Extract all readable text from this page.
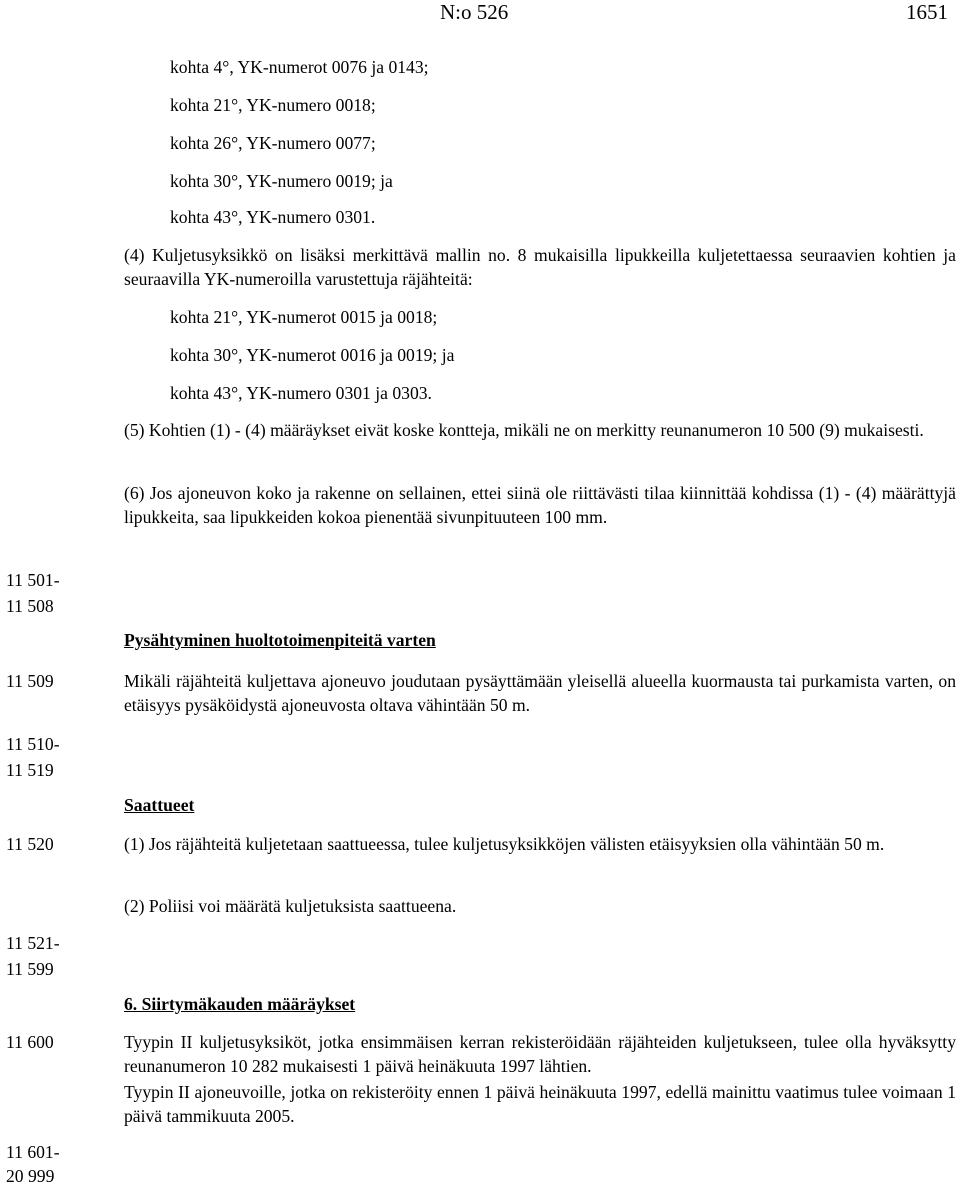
N:o 526	1651
kohta 4°, YK-numerot 0076 ja 0143;
kohta 21°, YK-numero 0018;
kohta 26°, YK-numero 0077;
kohta 30°, YK-numero 0019; ja
kohta 43°, YK-numero 0301.
(4) Kuljetusyksikkö on lisäksi merkittävä mallin no. 8 mukaisilla lipukkeilla kuljetettaessa seuraavien kohtien ja seuraavilla YK-numeroilla varustettuja räjähteitä:
kohta 21°, YK-numerot 0015 ja 0018;
kohta 30°, YK-numerot 0016 ja 0019; ja
kohta 43°, YK-numero 0301 ja 0303.
(5) Kohtien (1) - (4) määräykset eivät koske kontteja, mikäli ne on merkitty reunanumeron 10 500 (9) mukaisesti.
(6) Jos ajoneuvon koko ja rakenne on sellainen, ettei siinä ole riittävästi tilaa kiinnittää kohdissa (1) - (4) määrättyjä lipukkeita, saa lipukkeiden kokoa pienentää sivunpituuteen 100 mm.
11 501-
11 508
Pysähtyminen huoltotoimenpiteitä varten
11 509	Mikäli räjähteitä kuljettava ajoneuvo joudutaan pysäyttämään yleisellä alueella kuormausta tai purkamista varten, on etäisyys pysäköidystä ajoneuvosta oltava vähintään 50 m.
11 510-
11 519
Saattueet
11 520	(1) Jos räjähteitä kuljetetaan saattueessa, tulee kuljetusyksikköjen välisten etäisyyksien olla vähintään 50 m.
(2) Poliisi voi määrätä kuljetuksista saattueena.
11 521-
11 599
6. Siirtymäkauden määräykset
11 600	Tyypin II kuljetusyksiköt, jotka ensimmäisen kerran rekisteröidään räjähteiden kuljetukseen, tulee olla hyväksytty reunanumeron 10 282 mukaisesti 1 päivä heinäkuuta 1997 lähtien.
Tyypin II ajoneuvoille, jotka on rekisteröity ennen 1 päivä heinäkuuta 1997, edellä mainittu vaatimus tulee voimaan 1 päivä tammikuuta 2005.
11 601-
20 999
